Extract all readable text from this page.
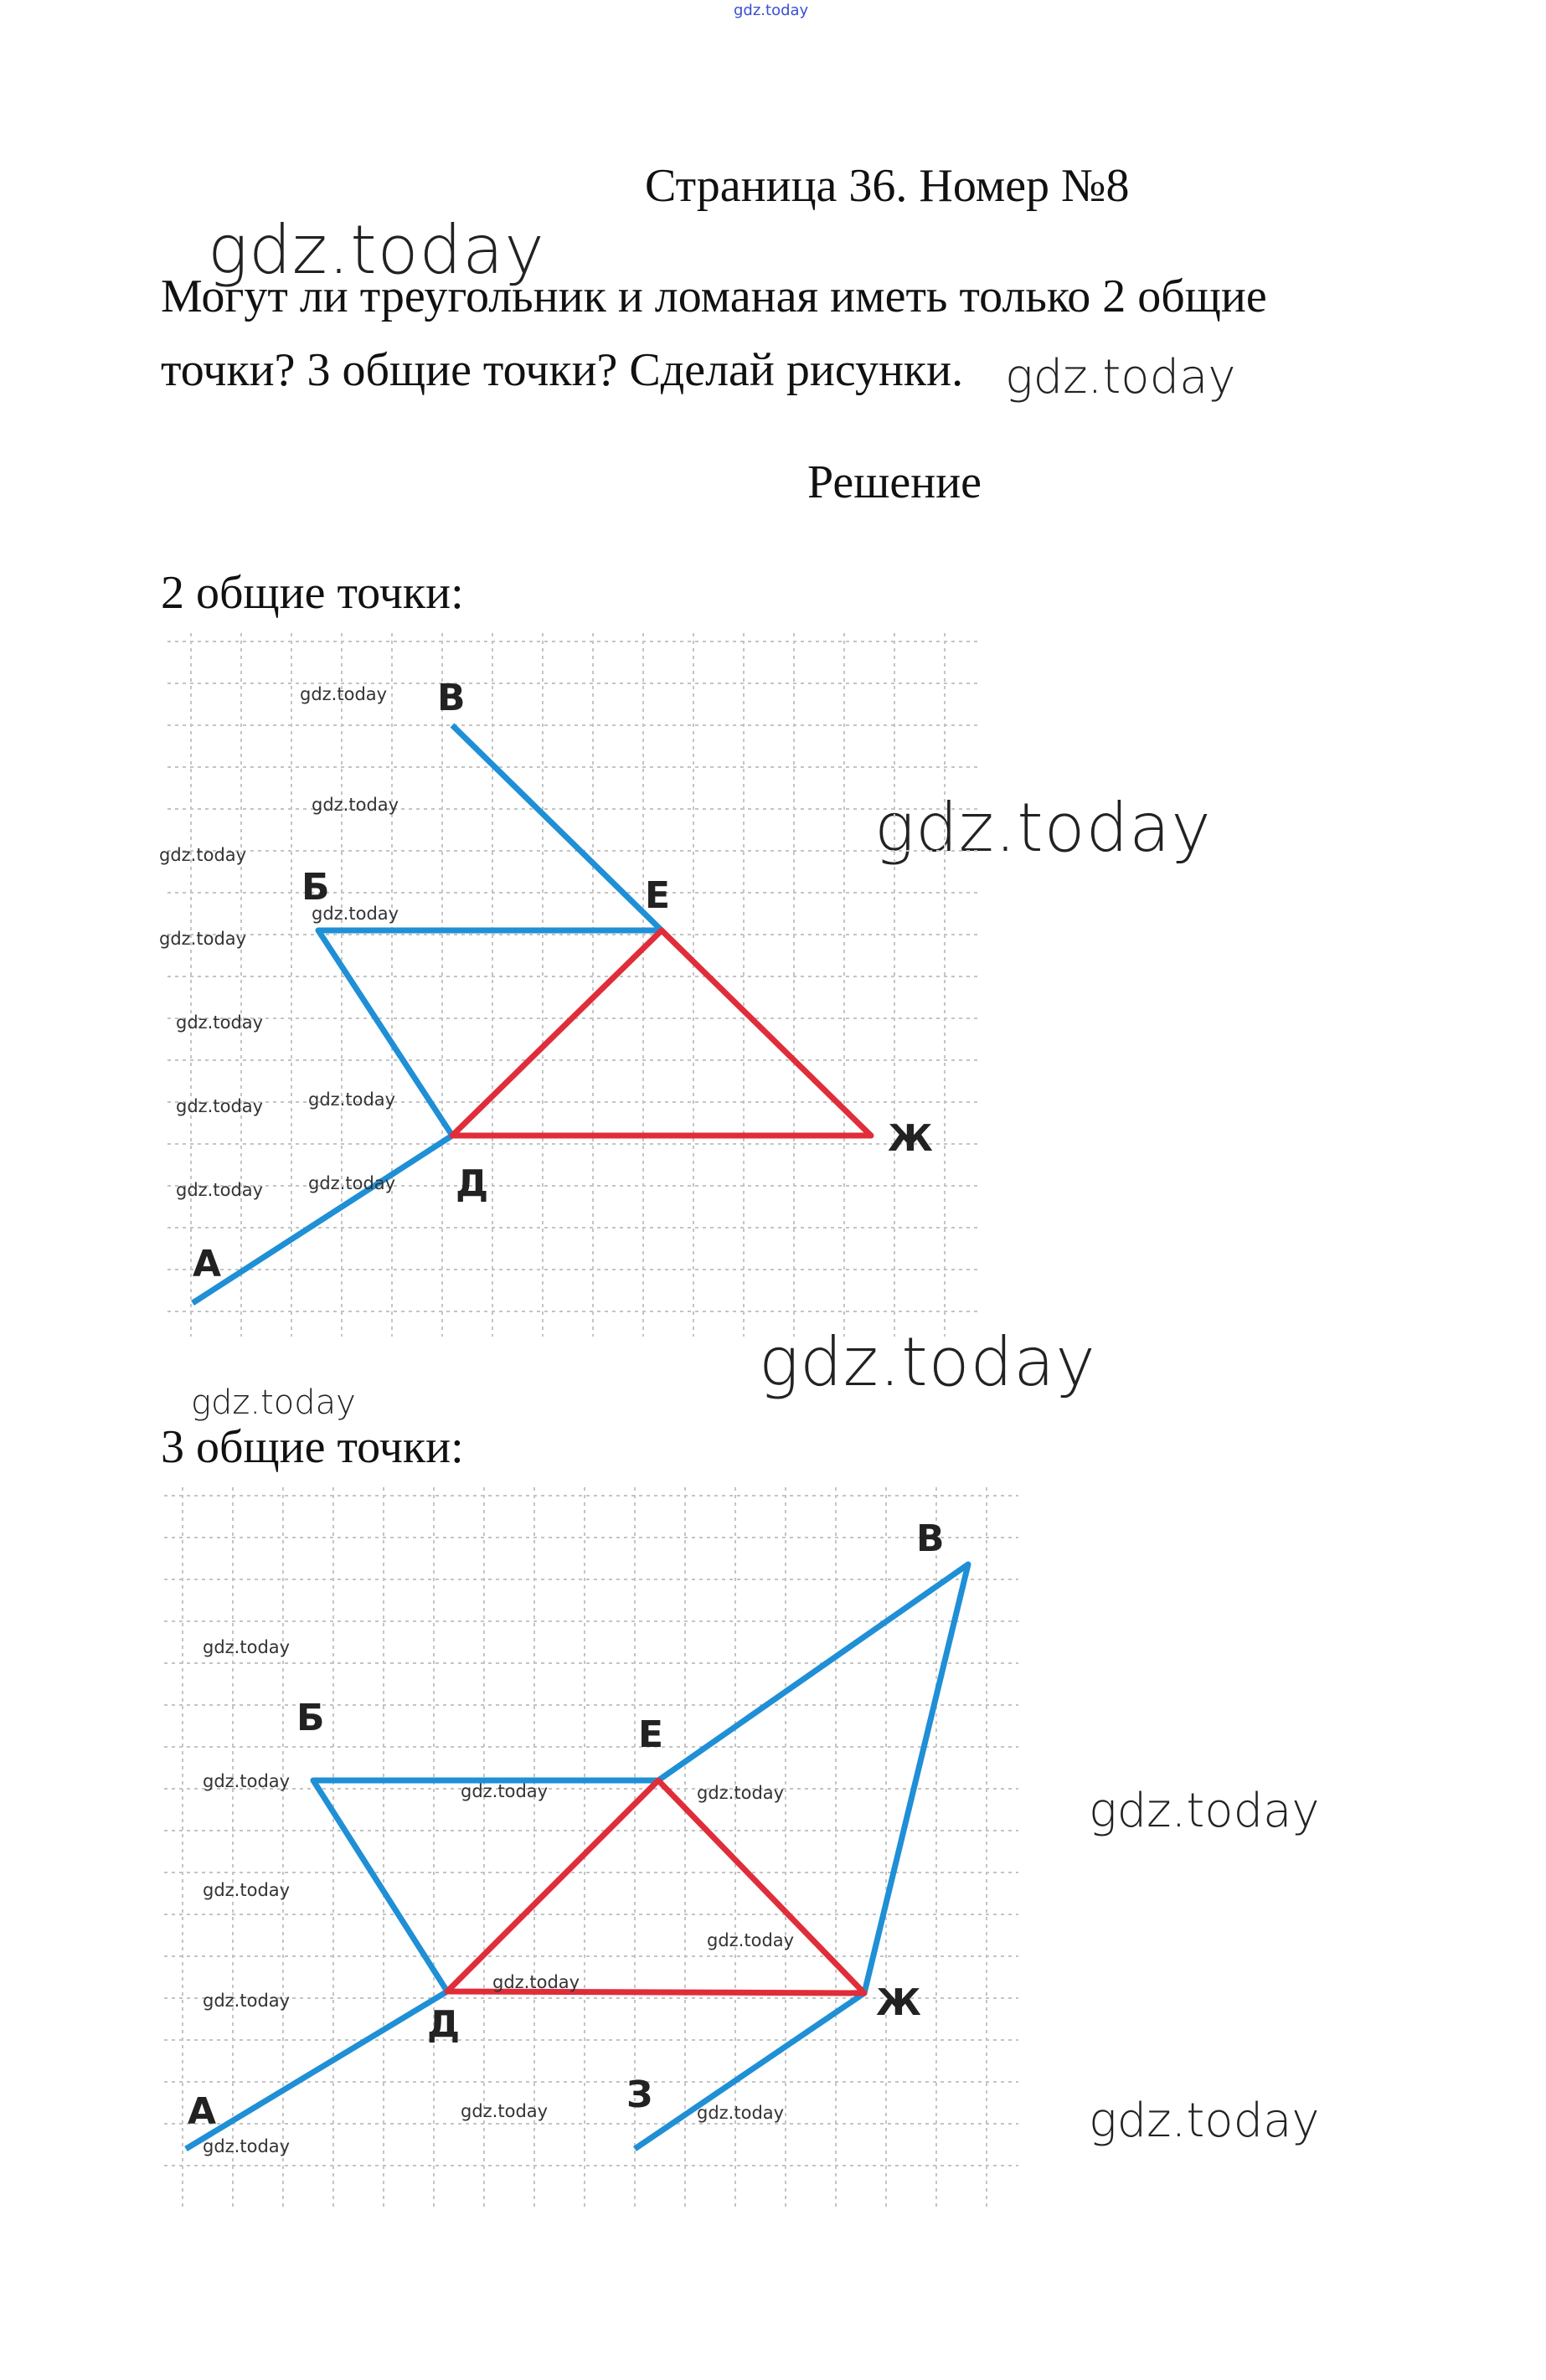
gdz.today
Страница 36. Номер №8
Могут ли треугольник и ломаная иметь только 2 общие
точки? 3 общие точки? Сделай рисунки.
Решение
2 общие точки:
3 общие точки:
gdz.today
gdz.today
gdz.today
gdz.today
gdz.today
gdz.today
gdz.today
В
Б	Е
Ж
Д
А
gdz.today
gdz.today
gdz.today
gdz.today
gdz.today
gdz.today
gdz.today
gdz.today
gdz.today
gdz.today
В
Б	Е
Ж
Д
А	З
gdz.today
gdz.today
gdz.today
gdz.today
gdz.today
gdz.today	gdz.today
gdz.today
gdz.today
gdz.today	gdz.today
